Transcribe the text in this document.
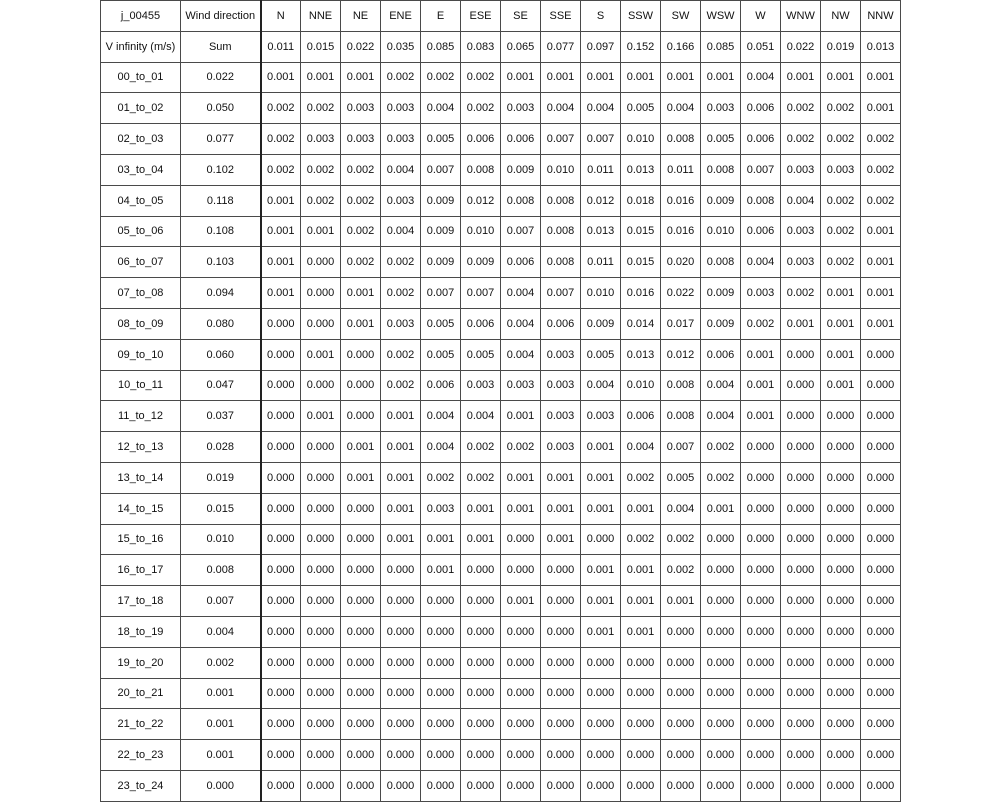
j_00455	Wind direction	N	NNE	NE	ENE	E	ESE	SE	SSE	S	SSW	SW	WSW	W	WNW	NW	NNW
V infinity (m/s)	Sum	0.011	0.015	0.022	0.035	0.085	0.083	0.065	0.077	0.097	0.152	0.166	0.085	0.051	0.022	0.019	0.013
00_to_01	0.022	0.001	0.001	0.001	0.002	0.002	0.002	0.001	0.001	0.001	0.001	0.001	0.001	0.004	0.001	0.001	0.001
01_to_02	0.050	0.002	0.002	0.003	0.003	0.004	0.002	0.003	0.004	0.004	0.005	0.004	0.003	0.006	0.002	0.002	0.001
02_to_03	0.077	0.002	0.003	0.003	0.003	0.005	0.006	0.006	0.007	0.007	0.010	0.008	0.005	0.006	0.002	0.002	0.002
03_to_04	0.102	0.002	0.002	0.002	0.004	0.007	0.008	0.009	0.010	0.011	0.013	0.011	0.008	0.007	0.003	0.003	0.002
04_to_05	0.118	0.001	0.002	0.002	0.003	0.009	0.012	0.008	0.008	0.012	0.018	0.016	0.009	0.008	0.004	0.002	0.002
05_to_06	0.108	0.001	0.001	0.002	0.004	0.009	0.010	0.007	0.008	0.013	0.015	0.016	0.010	0.006	0.003	0.002	0.001
06_to_07	0.103	0.001	0.000	0.002	0.002	0.009	0.009	0.006	0.008	0.011	0.015	0.020	0.008	0.004	0.003	0.002	0.001
07_to_08	0.094	0.001	0.000	0.001	0.002	0.007	0.007	0.004	0.007	0.010	0.016	0.022	0.009	0.003	0.002	0.001	0.001
08_to_09	0.080	0.000	0.000	0.001	0.003	0.005	0.006	0.004	0.006	0.009	0.014	0.017	0.009	0.002	0.001	0.001	0.001
09_to_10	0.060	0.000	0.001	0.000	0.002	0.005	0.005	0.004	0.003	0.005	0.013	0.012	0.006	0.001	0.000	0.001	0.000
10_to_11	0.047	0.000	0.000	0.000	0.002	0.006	0.003	0.003	0.003	0.004	0.010	0.008	0.004	0.001	0.000	0.001	0.000
11_to_12	0.037	0.000	0.001	0.000	0.001	0.004	0.004	0.001	0.003	0.003	0.006	0.008	0.004	0.001	0.000	0.000	0.000
12_to_13	0.028	0.000	0.000	0.001	0.001	0.004	0.002	0.002	0.003	0.001	0.004	0.007	0.002	0.000	0.000	0.000	0.000
13_to_14	0.019	0.000	0.000	0.001	0.001	0.002	0.002	0.001	0.001	0.001	0.002	0.005	0.002	0.000	0.000	0.000	0.000
14_to_15	0.015	0.000	0.000	0.000	0.001	0.003	0.001	0.001	0.001	0.001	0.001	0.004	0.001	0.000	0.000	0.000	0.000
15_to_16	0.010	0.000	0.000	0.000	0.001	0.001	0.001	0.000	0.001	0.000	0.002	0.002	0.000	0.000	0.000	0.000	0.000
16_to_17	0.008	0.000	0.000	0.000	0.000	0.001	0.000	0.000	0.000	0.001	0.001	0.002	0.000	0.000	0.000	0.000	0.000
17_to_18	0.007	0.000	0.000	0.000	0.000	0.000	0.000	0.001	0.000	0.001	0.001	0.001	0.000	0.000	0.000	0.000	0.000
18_to_19	0.004	0.000	0.000	0.000	0.000	0.000	0.000	0.000	0.000	0.001	0.001	0.000	0.000	0.000	0.000	0.000	0.000
19_to_20	0.002	0.000	0.000	0.000	0.000	0.000	0.000	0.000	0.000	0.000	0.000	0.000	0.000	0.000	0.000	0.000	0.000
20_to_21	0.001	0.000	0.000	0.000	0.000	0.000	0.000	0.000	0.000	0.000	0.000	0.000	0.000	0.000	0.000	0.000	0.000
21_to_22	0.001	0.000	0.000	0.000	0.000	0.000	0.000	0.000	0.000	0.000	0.000	0.000	0.000	0.000	0.000	0.000	0.000
22_to_23	0.001	0.000	0.000	0.000	0.000	0.000	0.000	0.000	0.000	0.000	0.000	0.000	0.000	0.000	0.000	0.000	0.000
23_to_24	0.000	0.000	0.000	0.000	0.000	0.000	0.000	0.000	0.000	0.000	0.000	0.000	0.000	0.000	0.000	0.000	0.000
